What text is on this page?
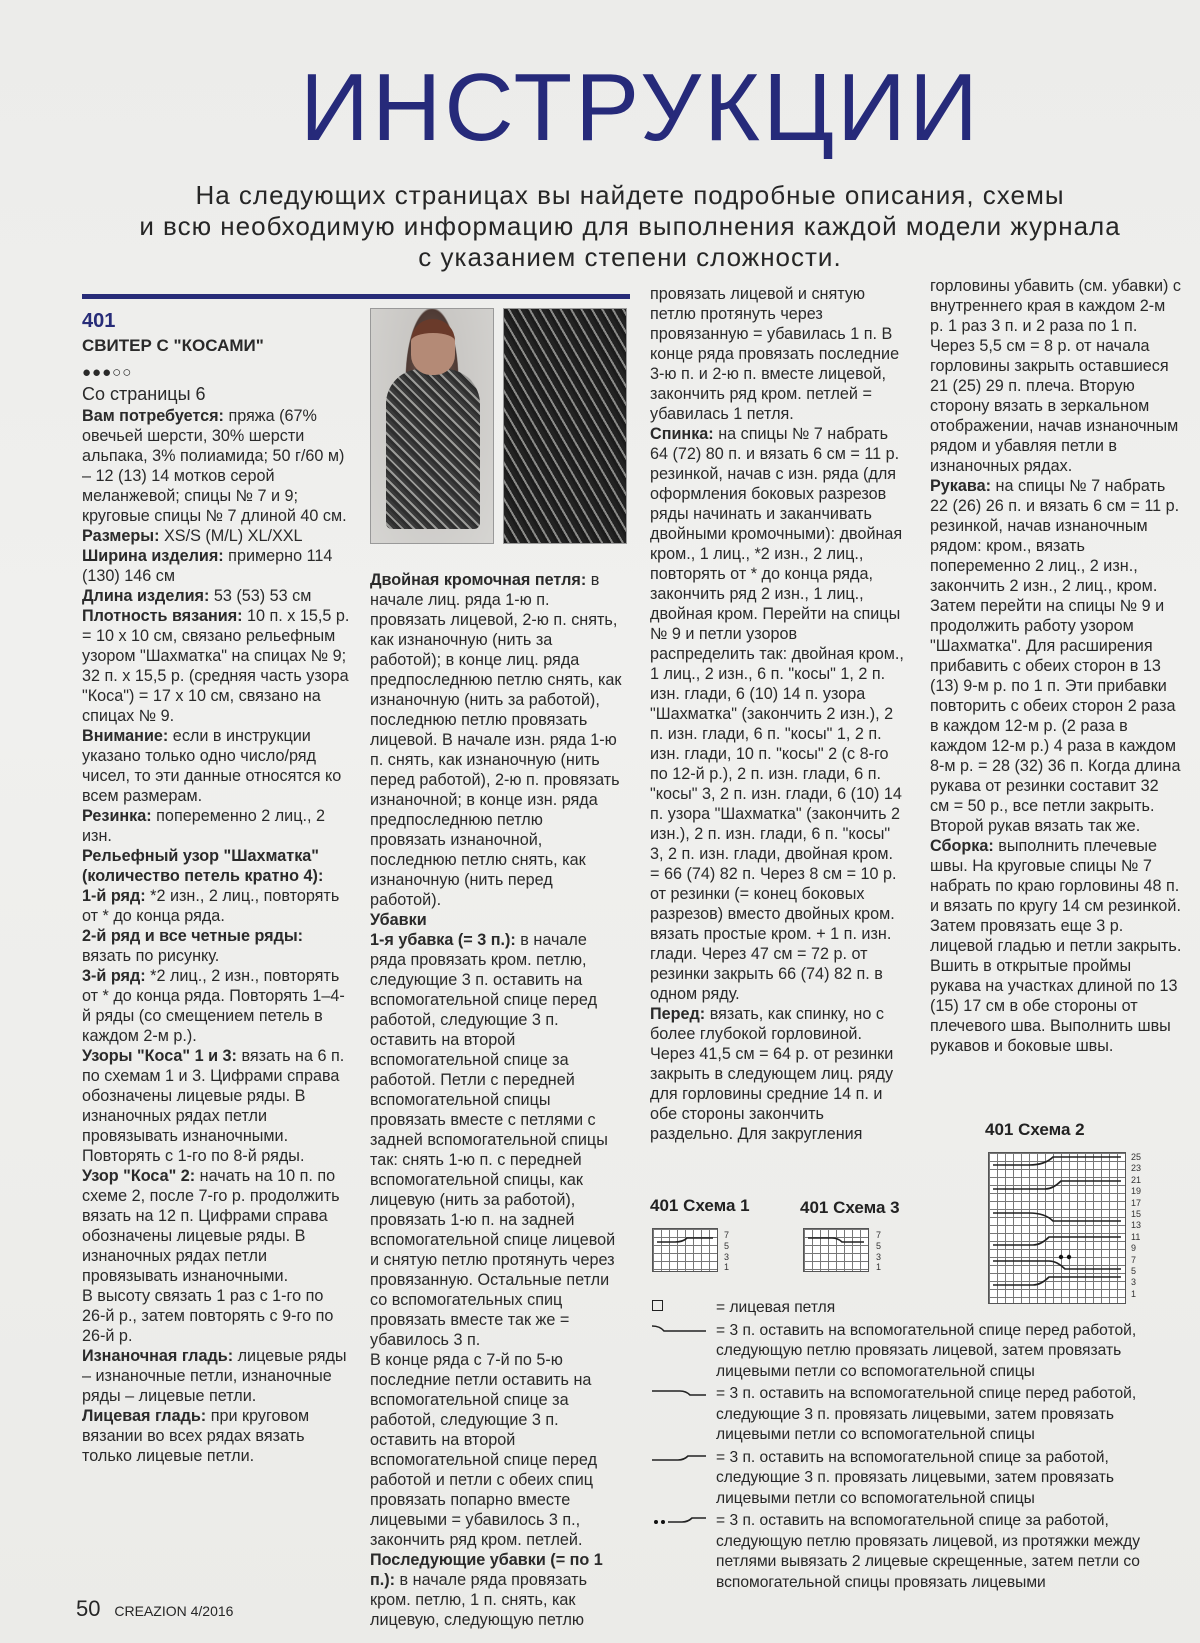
ИНСТРУКЦИИ
На следующих страницах вы найдете подробные описания, схемы
и всю необходимую информацию для выполнения каждой модели журнала
с указанием степени сложности.
401
СВИТЕР С "КОСАМИ"
●●●○○
Со страницы 6

Вам потребуется: пряжа (67% овечьей шерсти, 30% шерсти альпака, 3% полиамида; 50 г/60 м) – 12 (13) 14 мотков серой меланжевой; спицы № 7 и 9; круговые спицы № 7 длиной 40 см.

Размеры: XS/S (M/L) XL/XXL

Ширина изделия: примерно 114 (130) 146 см

Длина изделия: 53 (53) 53 см

Плотность вязания: 10 п. х 15,5 р. = 10 х 10 см, связано рельефным узором "Шахматка" на спицах № 9; 32 п. х 15,5 р. (средняя часть узора "Коса") = 17 х 10 см, связано на спицах № 9.

Внимание: если в инструкции указано только одно число/ряд чисел, то эти данные относятся ко всем размерам.

Резинка: попеременно 2 лиц., 2 изн.

Рельефный узор "Шахматка" (количество петель кратно 4):

1-й ряд: *2 изн., 2 лиц., повторять от * до конца ряда.

2-й ряд и все четные ряды: вязать по рисунку.

3-й ряд: *2 лиц., 2 изн., повторять от * до конца ряда. Повторять 1–4-й ряды (со смещением петель в каждом 2-м р.).

Узоры "Коса" 1 и 3: вязать на 6 п. по схемам 1 и 3. Цифрами справа обозначены лицевые ряды. В изнаночных рядах петли провязывать изнаночными. Повторять с 1-го по 8-й ряды.

Узор "Коса" 2: начать на 10 п. по схеме 2, после 7-го р. продолжить вязать на 12 п. Цифрами справа обозначены лицевые ряды. В изнаночных рядах петли провязывать изнаночными.

В высоту связать 1 раз с 1-го по 26-й р., затем повторять с 9-го по 26-й р.

Изнаночная гладь: лицевые ряды – изнаночные петли, изнаночные ряды – лицевые петли.

Лицевая гладь: при круговом вязании во всех рядах вязать только лицевые петли.

Двойная кромочная петля: в начале лиц. ряда 1-ю п. провязать лицевой, 2-ю п. снять, как изнаночную (нить за работой); в конце лиц. ряда предпоследнюю петлю снять, как изнаночную (нить за работой), последнюю петлю провязать лицевой. В начале изн. ряда 1-ю п. снять, как изнаночную (нить перед работой), 2-ю п. провязать изнаночной; в конце изн. ряда предпоследнюю петлю провязать изнаночной, последнюю петлю снять, как изнаночную (нить перед работой).

Убавки

1-я убавка (= 3 п.): в начале ряда провязать кром. петлю, следующие 3 п. оставить на вспомогательной спице перед работой, следующие 3 п. оставить на второй вспомогательной спице за работой. Петли с передней вспомогательной спицы провязать вместе с петлями с задней вспомогательной спицы так: снять 1-ю п. с передней вспомогательной спицы, как лицевую (нить за работой), провязать 1-ю п. на задней вспомогательной спице лицевой и снятую петлю протянуть через провязанную. Остальные петли со вспомогательных спиц провязать вместе так же = убавилось 3 п.

В конце ряда с 7-й по 5-ю последние петли оставить на вспомогательной спице за работой, следующие 3 п. оставить на второй вспомогательной спице перед работой и петли с обеих спиц провязать попарно вместе лицевыми = убавилось 3 п., закончить ряд кром. петлей.

Последующие убавки (= по 1 п.): в начале ряда провязать кром. петлю, 1 п. снять, как лицевую, следующую петлю

провязать лицевой и снятую петлю протянуть через провязанную = убавилась 1 п. В конце ряда провязать последние 3-ю п. и 2-ю п. вместе лицевой, закончить ряд кром. петлей = убавилась 1 петля.

Спинка: на спицы № 7 набрать 64 (72) 80 п. и вязать 6 см = 11 р. резинкой, начав с изн. ряда (для оформления боковых разрезов ряды начинать и заканчивать двойными кромочными): двойная кром., 1 лиц., *2 изн., 2 лиц., повторять от * до конца ряда, закончить ряд 2 изн., 1 лиц., двойная кром. Перейти на спицы № 9 и петли узоров распределить так: двойная кром., 1 лиц., 2 изн., 6 п. "косы" 1, 2 п. изн. глади, 6 (10) 14 п. узора "Шахматка" (закончить 2 изн.), 2 п. изн. глади, 6 п. "косы" 1, 2 п. изн. глади, 10 п. "косы" 2 (с 8-го по 12-й р.), 2 п. изн. глади, 6 п. "косы" 3, 2 п. изн. глади, 6 (10) 14 п. узора "Шахматка" (закончить 2 изн.), 2 п. изн. глади, 6 п. "косы" 3, 2 п. изн. глади, двойная кром. = 66 (74) 82 п. Через 8 см = 10 р. от резинки (= конец боковых разрезов) вместо двойных кром. вязать простые кром. + 1 п. изн. глади. Через 47 см = 72 р. от резинки закрыть 66 (74) 82 п. в одном ряду.

Перед: вязать, как спинку, но с более глубокой горловиной. Через 41,5 см = 64 р. от резинки закрыть в следующем лиц. ряду для горловины средние 14 п. и обе стороны закончить раздельно. Для закругления

горловины убавить (см. убавки) с внутреннего края в каждом 2-м р. 1 раз 3 п. и 2 раза по 1 п. Через 5,5 см = 8 р. от начала горловины закрыть оставшиеся 21 (25) 29 п. плеча. Вторую сторону вязать в зеркальном отображении, начав изнаночным рядом и убавляя петли в изнаночных рядах.

Рукава: на спицы № 7 набрать 22 (26) 26 п. и вязать 6 см = 11 р. резинкой, начав изнаночным рядом: кром., вязать попеременно 2 лиц., 2 изн., закончить 2 изн., 2 лиц., кром. Затем перейти на спицы № 9 и продолжить работу узором "Шахматка". Для расширения прибавить с обеих сторон в 13 (13) 9-м р. по 1 п. Эти прибавки повторить с обеих сторон 2 раза в каждом 12-м р. (2 раза в каждом 12-м р.) 4 раза в каждом 8-м р. = 28 (32) 36 п. Когда длина рукава от резинки составит 32 см = 50 р., все петли закрыть. Второй рукав вязать так же.

Сборка: выполнить плечевые швы. На круговые спицы № 7 набрать по краю горловины 48 п. и вязать по кругу 14 см резинкой. Затем провязать еще 3 р. лицевой гладью и петли закрыть. Вшить в открытые проймы рукава на участках длиной по 13 (15) 17 см в обе стороны от плечевого шва. Выполнить швы рукавов и боковые швы.

401 Схема 1
7
5
3
1
401 Схема 3
7
5
3
1
401 Схема 2
25
23
21
19
17
15
13
11
9
7
5
3
1
= лицевая петля
= 3 п. оставить на вспомогательной спице перед работой, следующую петлю провязать лицевой, затем провязать лицевыми петли со вспомогательной спицы
= 3 п. оставить на вспомогательной спице перед работой, следующие 3 п. провязать лицевыми, затем провязать лицевыми петли со вспомогательной спицы
= 3 п. оставить на вспомогательной спице за работой, следующие 3 п. провязать лицевыми, затем провязать лицевыми петли со вспомогательной спицы
= 3 п. оставить на вспомогательной спице за работой, следующую петлю провязать лицевой, из протяжки между петлями вывязать 2 лицевые скрещенные, затем петли со вспомогательной спицы провязать лицевыми
50 CREAZION 4/2016
